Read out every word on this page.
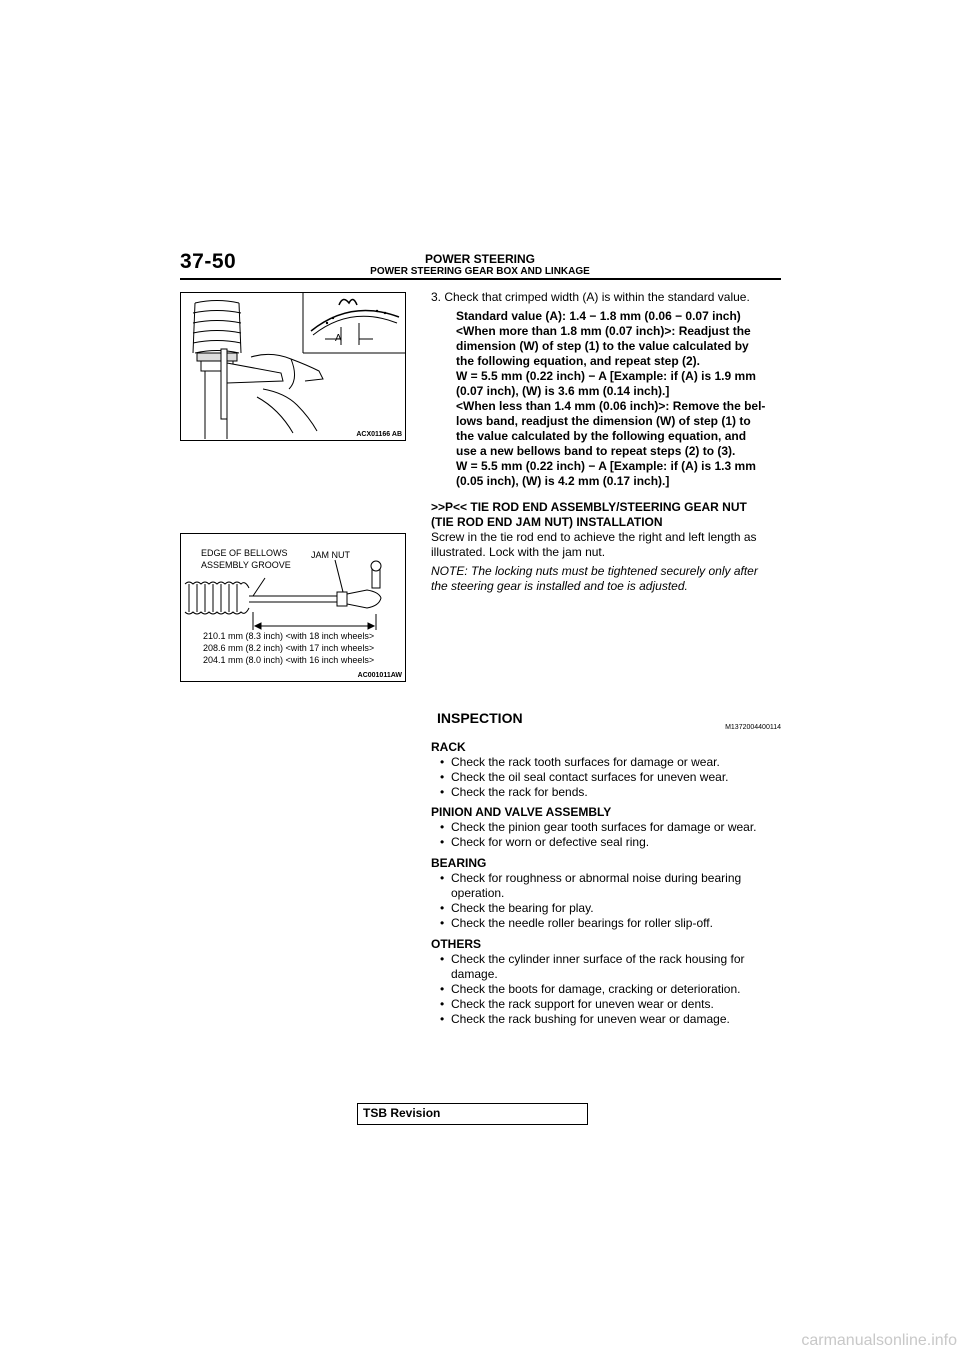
37-50	POWER STEERING
POWER STEERING GEAR BOX AND LINKAGE
A
ACX01166 AB
3. Check that crimped width (A) is within the standard value.
Standard value (A): 1.4 − 1.8 mm (0.06 − 0.07 inch)
<When more than 1.8 mm (0.07 inch)>: Readjust the
dimension (W) of step (1) to the value calculated by
the following equation, and repeat step (2).
W = 5.5 mm (0.22 inch) − A [Example: if (A) is 1.9 mm
(0.07 inch), (W) is 3.6 mm (0.14 inch).]
<When less than 1.4 mm (0.06 inch)>: Remove the bel-
lows band, readjust the dimension (W) of step (1) to
the value calculated by the following equation, and
use a new bellows band to repeat steps (2) to (3).
W = 5.5 mm (0.22 inch) − A [Example: if (A) is 1.3 mm
(0.05 inch), (W) is 4.2 mm (0.17 inch).]
>>P<< TIE ROD END ASSEMBLY/STEERING GEAR NUT
(TIE ROD END JAM NUT) INSTALLATION
Screw in the tie rod end to achieve the right and left length as
illustrated. Lock with the jam nut.
NOTE: The locking nuts must be tightened securely only after
the steering gear is installed and toe is adjusted.
EDGE OF BELLOWS
ASSEMBLY GROOVE
JAM NUT
210.1 mm (8.3 inch) <with 18 inch wheels>
208.6 mm (8.2 inch) <with 17 inch wheels>
204.1 mm (8.0 inch) <with 16 inch wheels>
AC001011AW
INSPECTION
M1372004400114
RACK
• Check the rack tooth surfaces for damage or wear.
• Check the oil seal contact surfaces for uneven wear.
• Check the rack for bends.
PINION AND VALVE ASSEMBLY
• Check the pinion gear tooth surfaces for damage or wear.
• Check for worn or defective seal ring.
BEARING
• Check for roughness or abnormal noise during bearing
operation.
• Check the bearing for play.
• Check the needle roller bearings for roller slip-off.
OTHERS
• Check the cylinder inner surface of the rack housing for
damage.
• Check the boots for damage, cracking or deterioration.
• Check the rack support for uneven wear or dents.
• Check the rack bushing for uneven wear or damage.
TSB Revision
carmanualsonline.info
